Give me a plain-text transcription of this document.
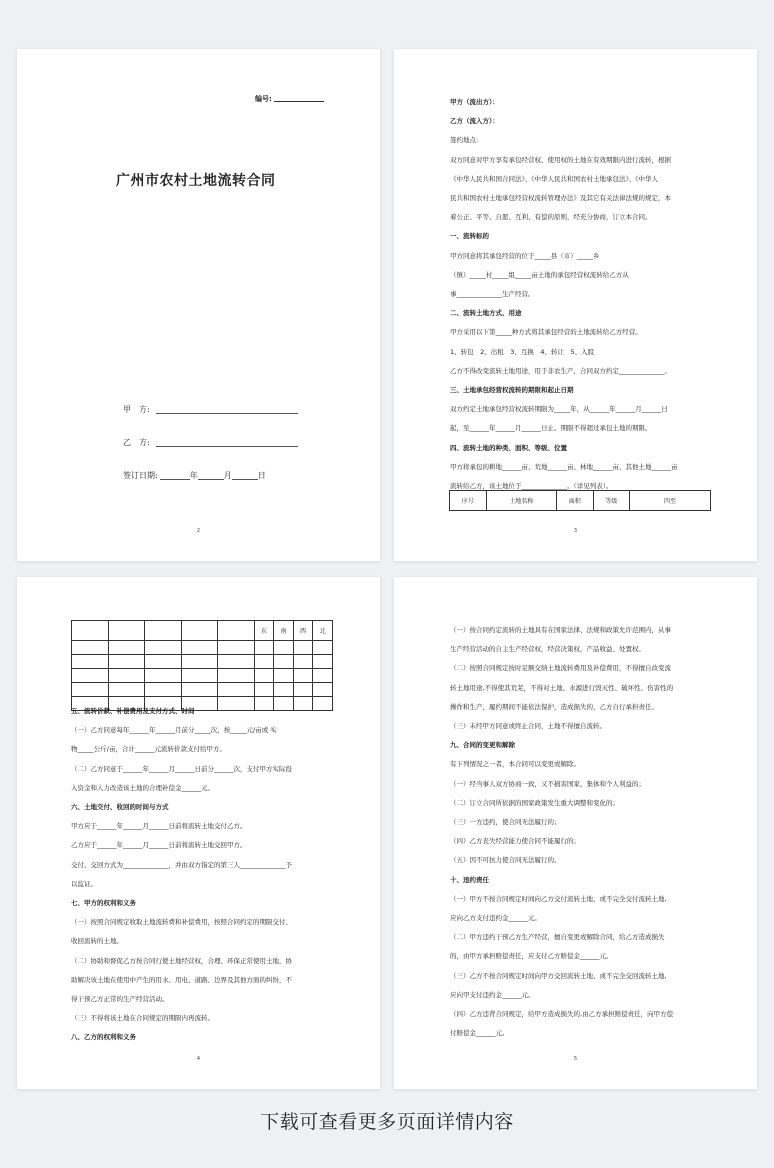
编号:
广州市农村土地流转合同
甲　方:
乙　方:
签订日期:	年	月	日
2
甲方（流出方）：
乙方（流入方）：
签约地点:
双方同意对甲方享有承包经营权、使用权的土地在有效期限内进行流转，根据
《中华人民共和国合同法》、《中华人民共和国农村土地承包法》、《中华人
民共和国农村土地承包经营权流转管理办法》及其它有关法律法规的规定，本
着公正、平等、自愿、互利、有偿的原则，经充分协商，订立本合同。
一、流转标的
甲方同意将其承包经营的位于_____县（市）_____乡
（镇）_____村_____组_____亩土地的承包经营权流转给乙方从
事______________生产经营。
二、流转土地方式、用途
甲方采用以下第_____种方式将其承包经营的土地流转给乙方经营。
1、转包　2、出租　3、互换　4、转让　5、入股
乙方不得改变流转土地用途，用于非农生产，合同双方约定______________。
三、土地承包经营权流转的期限和起止日期
双方约定土地承包经营权流转期限为_____年，从______年______月______日
起，至______年______月______日止。期限不得超过承包土地的期限。
四、流转土地的种类、面积、等级、位置
甲方将承包的耕地______亩、荒地______亩、林地______亩、其他土地______亩
流转给乙方，该土地位于______________。（详见列表）。
序号	土地名称	面积	等级	四至
3
					东	南	西	北

五、流转价款、补偿费用及支付方式、时间
（一）乙方同意每年______年______月前分_____次，按_____元/亩或 实
物_____公斤/亩，合计______元流转价款支付给甲方。
（二）乙方同意于______年______月______日前分______次，支付甲方实际投
入资金和人力改造该土地的合理补偿金______元。
六、土地交付、收回的时间与方式
甲方应于______年______月______日前将流转土地交付乙方。
乙方应于______年______月______日前将流转土地交回甲方。
交付、交回方式为______________，并由双方指定的第三人______________予
以监证。
七、甲方的权利和义务
（一）按照合同规定收取土地流转费和补偿费用，按照合同约定的期限交付、
收回流转的土地。
（二）协助和督促乙方按合同行使土地经营权，合理、环保正常使用土地，协
助解决该土地在使用中产生的用水、用电、道路、边界及其他方面的纠纷，不
得干预乙方正常的生产经营活动。
（三）不得将该土地在合同规定的期限内再流转。
八、乙方的权利和义务
4
（一）按合同约定流转的土地具有在国家法律、法规和政策允许范围内，从事
生产经营活动的自主生产经营权，经营决策权，产品收益、处置权。
（二）按照合同规定按时足额交纳土地流转费用及补偿费用，不得擅自改变流
转土地用途,不得使其荒芜，不得对土地、水源进行毁灭性、破坏性、伤害性的
操作和生产，履约期间不能依法保护，造成损失的，乙方自行承担责任。
（三）未经甲方同意或终止合同，土地不得擅自流转。
九、合同的变更和解除
有下列情况之一者，本合同可以变更或解除。
（一）经当事人双方协商一致，又不损害国家、集体和个人利益的；
（二）订立合同所依据的国家政策发生重大调整和变化的；
（三）一方违约，使合同无法履行的；
（四）乙方丧失经营能力使合同不能履行的；
（五）因不可抗力使合同无法履行的。
十、违约责任
（一）甲方不按合同规定时间向乙方交付流转土地、或不完全交付流转土地,
应向乙方支付违约金______元。
（二）甲方违约干预乙方生产经营，擅自变更或解除合同，给乙方造成损失
的，由甲方承担赔偿责任，应支付乙方赔偿金______元。
（三）乙方不按合同规定时间向甲方交回流转土地、或不完全交回流转土地,
应向甲支付违约金______元。
（四）乙方违背合同规定，给甲方造成损失的,由乙方承担赔偿责任，向甲方偿
付赔偿金______元。
5
下载可查看更多页面详情内容
